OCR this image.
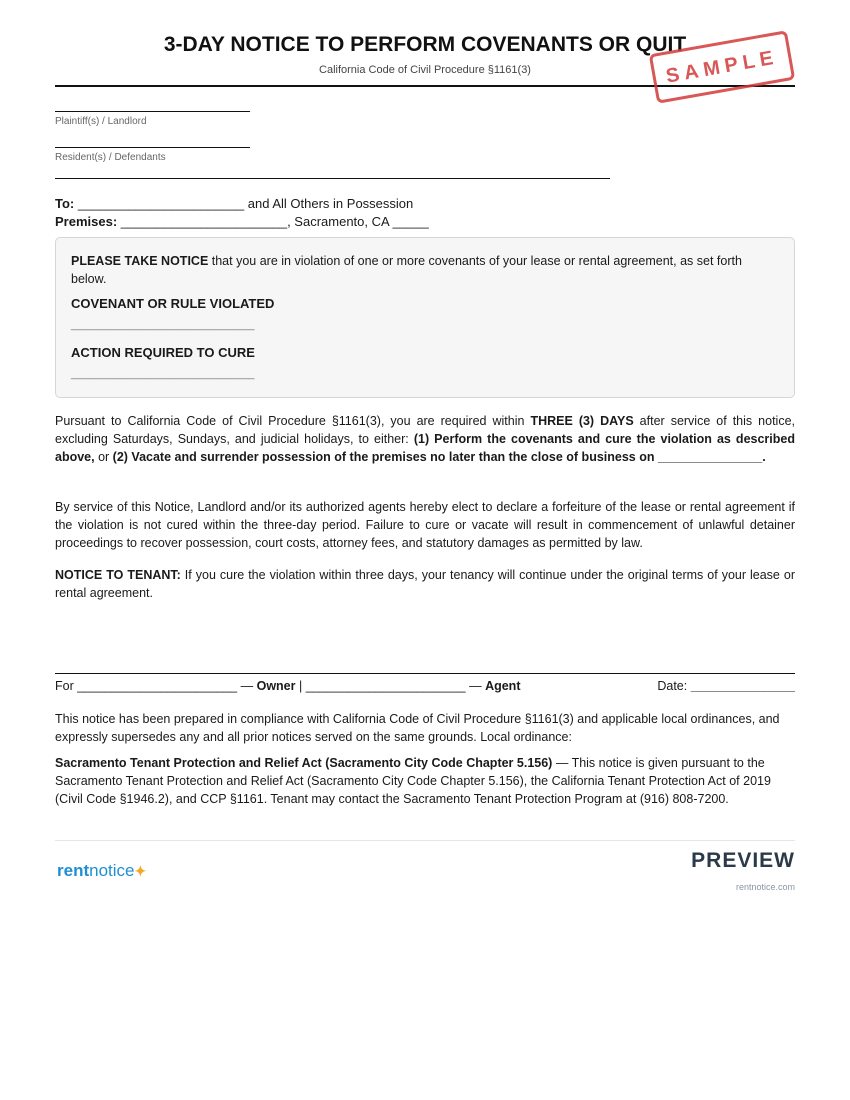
3-DAY NOTICE TO PERFORM COVENANTS OR QUIT
California Code of Civil Procedure §1161(3)	SAMPLE
Plaintiff(s) / Landlord
Resident(s) / Defendants
To: _______________________ and All Others in Possession
Premises: _______________________, Sacramento, CA _____
PLEASE TAKE NOTICE that you are in violation of one or more covenants of your lease or rental agreement, as set forth below.
COVENANT OR RULE VIOLATED
______________________________
ACTION REQUIRED TO CURE
______________________________
Pursuant to California Code of Civil Procedure §1161(3), you are required within THREE (3) DAYS after service of this notice, excluding Saturdays, Sundays, and judicial holidays, to either: (1) Perform the covenants and cure the violation as described above, or (2) Vacate and surrender possession of the premises no later than the close of business on _______________.
By service of this Notice, Landlord and/or its authorized agents hereby elect to declare a forfeiture of the lease or rental agreement if the violation is not cured within the three-day period. Failure to cure or vacate will result in commencement of unlawful detainer proceedings to recover possession, court costs, attorney fees, and statutory damages as permitted by law.
NOTICE TO TENANT: If you cure the violation within three days, your tenancy will continue under the original terms of your lease or rental agreement.
For _______________________ — Owner | _______________________ — Agent	Date: _______________
This notice has been prepared in compliance with California Code of Civil Procedure §1161(3) and applicable local ordinances, and expressly supersedes any and all prior notices served on the same grounds. Local ordinance:
Sacramento Tenant Protection and Relief Act (Sacramento City Code Chapter 5.156) — This notice is given pursuant to the Sacramento Tenant Protection and Relief Act (Sacramento City Code Chapter 5.156), the California Tenant Protection Act of 2019 (Civil Code §1946.2), and CCP §1161. Tenant may contact the Sacramento Tenant Protection Program at (916) 808-7200.
rentnotice✦	PREVIEW
rentnotice.com
